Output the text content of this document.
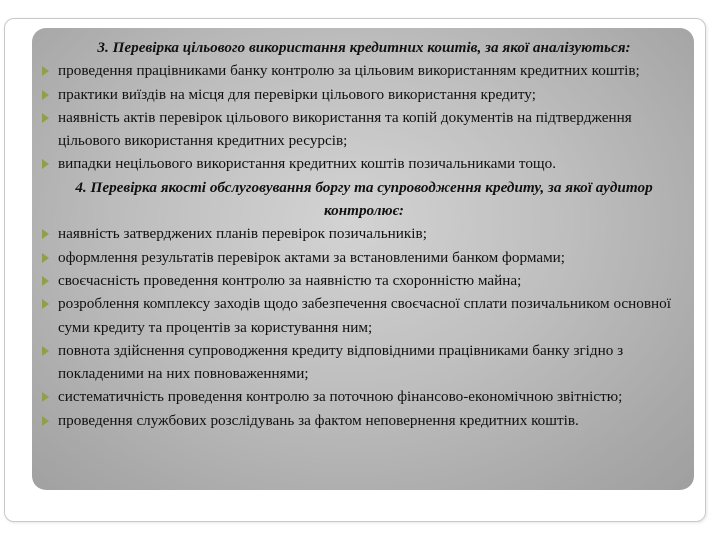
3. Перевірка цільового використання кредитних коштів, за якої аналізуються:

проведення працівниками банку контролю за цільовим використанням кредитних коштів;
практики виїздів на місця для перевірки цільового використання кредиту;
наявність актів перевірок цільового використання та копій документів на підтвердження цільового використання кредитних ресурсів;
випадки нецільового використання кредитних коштів позичальниками тощо.

4. Перевірка якості обслуговування боргу та супроводження кредиту, за якої аудитор контролює:

наявність затверджених планів перевірок позичальників;
оформлення результатів перевірок актами за встановленими банком формами;
своєчасність проведення контролю за наявністю та схоронністю майна;
розроблення комплексу заходів щодо забезпечення своєчасної сплати позичальником основної суми кредиту та процентів за користування ним;
повнота здійснення супроводження кредиту відповідними працівниками банку згідно з покладеними на них повноваженнями;
систематичність проведення контролю за поточною фінансово-економічною звітністю;
проведення службових розслідувань за фактом неповернення кредитних коштів.
